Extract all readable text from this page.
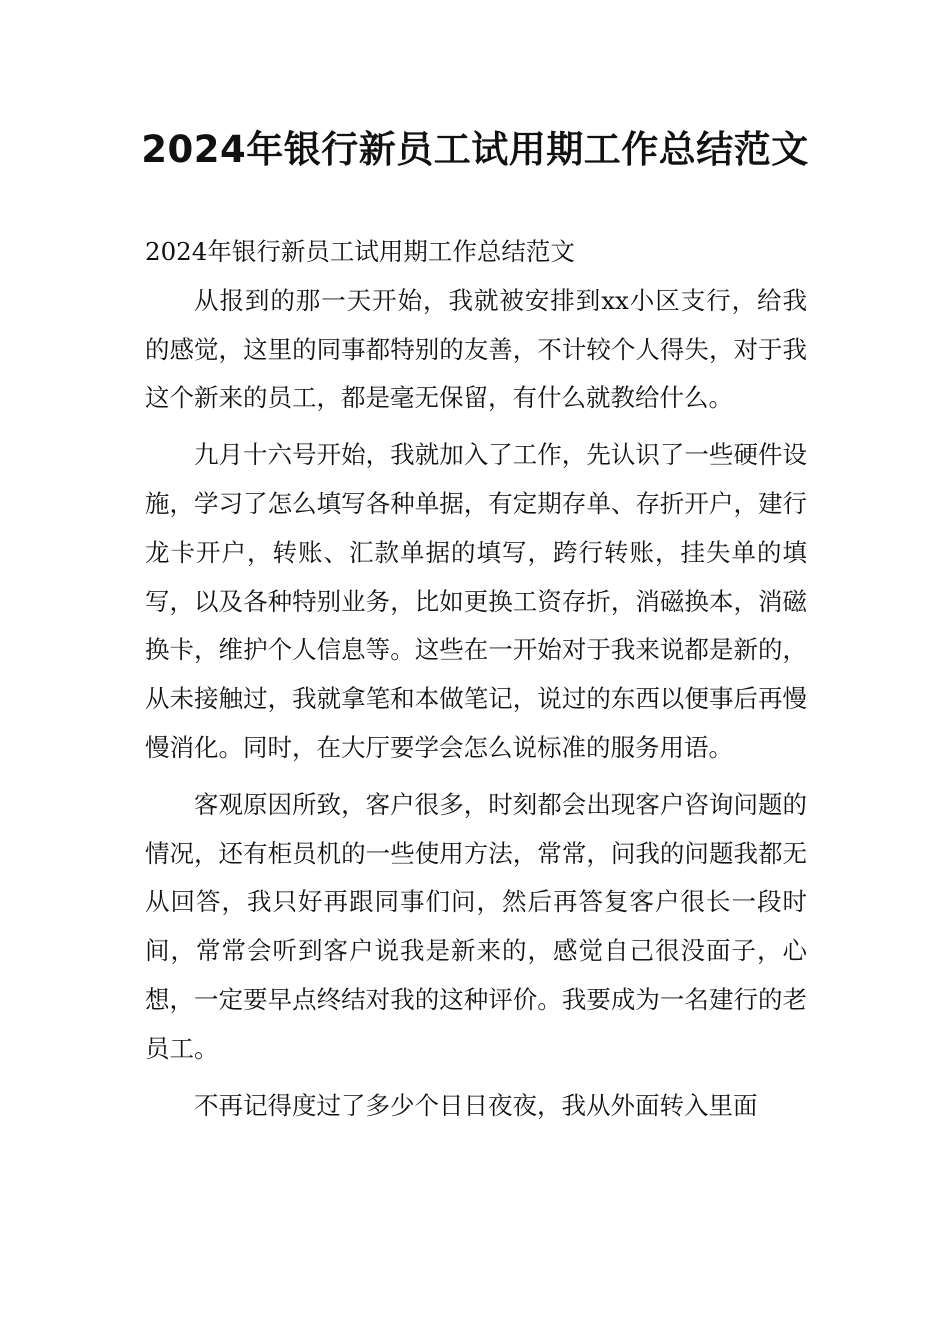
2024年银行新员工试用期工作总结范文

2024年银行新员工试用期工作总结范文

从报到的那一天开始，我就被安排到xx小区支行，给我的感觉，这里的同事都特别的友善，不计较个人得失，对于我这个新来的员工，都是毫无保留，有什么就教给什么。

九月十六号开始，我就加入了工作，先认识了一些硬件设施，学习了怎么填写各种单据，有定期存单、存折开户，建行龙卡开户，转账、汇款单据的填写，跨行转账，挂失单的填写，以及各种特别业务，比如更换工资存折，消磁换本，消磁换卡，维护个人信息等。这些在一开始对于我来说都是新的，从未接触过，我就拿笔和本做笔记，说过的东西以便事后再慢慢消化。同时，在大厅要学会怎么说标准的服务用语。

客观原因所致，客户很多，时刻都会出现客户咨询问题的情况，还有柜员机的一些使用方法，常常，问我的问题我都无从回答，我只好再跟同事们问，然后再答复客户很长一段时间，常常会听到客户说我是新来的，感觉自己很没面子，心想，一定要早点终结对我的这种评价。我要成为一名建行的老员工。

不再记得度过了多少个日日夜夜，我从外面转入里面
